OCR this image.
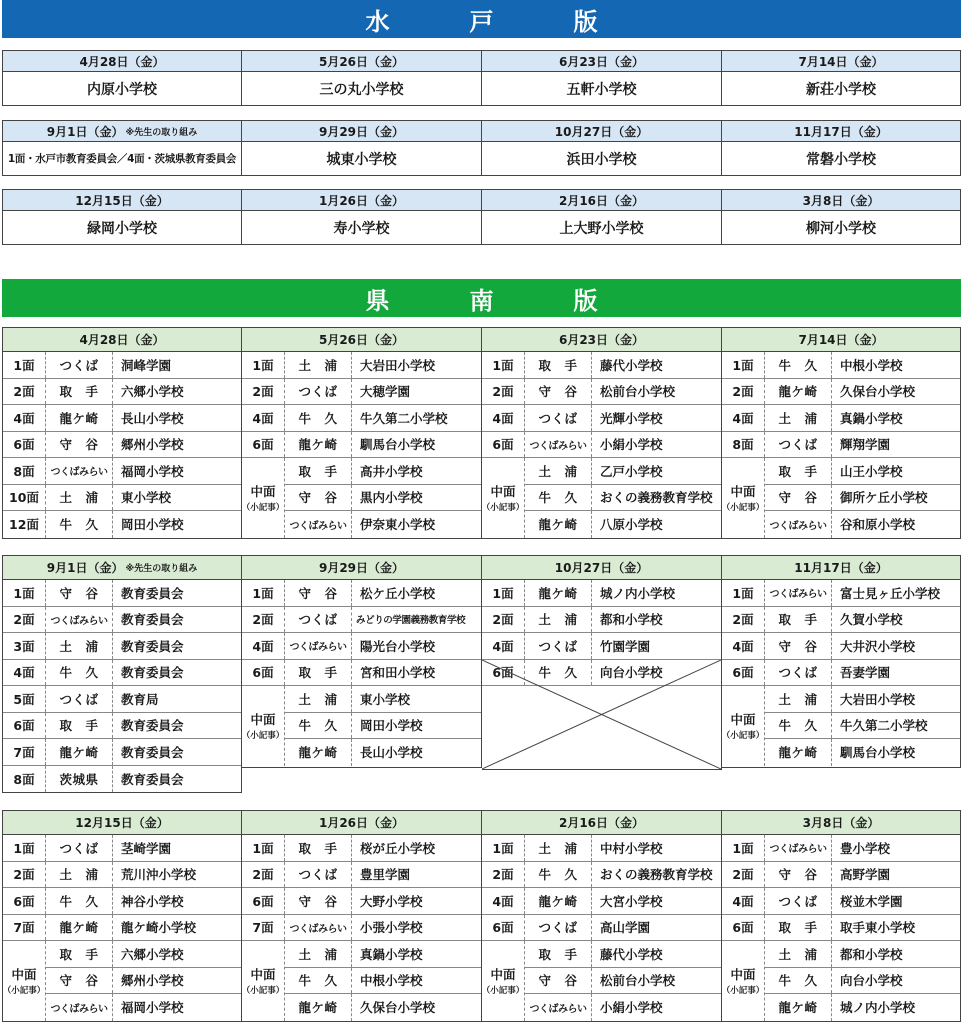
水　戸　版
4月28日（金）
内原小学校
5月26日（金）
三の丸小学校
6月23日（金）
五軒小学校
7月14日（金）
新荘小学校
9月1日（金） ※先生の取り組み
1面・水戸市教育委員会／4面・茨城県教育委員会
9月29日（金）
城東小学校
10月27日（金）
浜田小学校
11月17日（金）
常磐小学校
12月15日（金）
緑岡小学校
1月26日（金）
寿小学校
2月16日（金）
上大野小学校
3月8日（金）
柳河小学校
県　南　版
4月28日（金）
1面	つくば	洞峰学園
2面	取　手	六郷小学校
4面	龍ケ崎	長山小学校
6面	守　谷	郷州小学校
8面	つくばみらい	福岡小学校
10面	土　浦	東小学校
12面	牛　久	岡田小学校
5月26日（金）
1面	土　浦	大岩田小学校
2面	つくば	大穂学園
4面	牛　久	牛久第二小学校
6面	龍ケ崎	馴馬台小学校
中面
（小記事）
取　手	高井小学校
守　谷	黒内小学校
つくばみらい	伊奈東小学校
6月23日（金）
1面	取　手	藤代小学校
2面	守　谷	松前台小学校
4面	つくば	光輝小学校
6面	つくばみらい	小絹小学校
中面
（小記事）
土　浦	乙戸小学校
牛　久	おくの義務教育学校
龍ケ崎	八原小学校
7月14日（金）
1面	牛　久	中根小学校
2面	龍ケ崎	久保台小学校
4面	土　浦	真鍋小学校
8面	つくば	輝翔学園
中面
（小記事）
取　手	山王小学校
守　谷	御所ケ丘小学校
つくばみらい	谷和原小学校
9月1日（金） ※先生の取り組み
1面	守　谷	教育委員会
2面	つくばみらい	教育委員会
3面	土　浦	教育委員会
4面	牛　久	教育委員会
5面	つくば	教育局
6面	取　手	教育委員会
7面	龍ケ崎	教育委員会
8面	茨城県	教育委員会
9月29日（金）
1面	守　谷	松ケ丘小学校
2面	つくば	みどりの学園義務教育学校
4面	つくばみらい	陽光台小学校
6面	取　手	宮和田小学校
中面
（小記事）
土　浦	東小学校
牛　久	岡田小学校
龍ケ崎	長山小学校
10月27日（金）
1面	龍ケ崎	城ノ内小学校
2面	土　浦	都和小学校
4面	つくば	竹園学園
6面	牛　久	向台小学校
11月17日（金）
1面	つくばみらい	富士見ヶ丘小学校
2面	取　手	久賀小学校
4面	守　谷	大井沢小学校
6面	つくば	吾妻学園
中面
（小記事）
土　浦	大岩田小学校
牛　久	牛久第二小学校
龍ケ崎	馴馬台小学校
12月15日（金）
1面	つくば	茎崎学園
2面	土　浦	荒川沖小学校
6面	牛　久	神谷小学校
7面	龍ケ崎	龍ケ崎小学校
中面
（小記事）
取　手	六郷小学校
守　谷	郷州小学校
つくばみらい	福岡小学校
1月26日（金）
1面	取　手	桜が丘小学校
2面	つくば	豊里学園
6面	守　谷	大野小学校
7面	つくばみらい	小張小学校
中面
（小記事）
土　浦	真鍋小学校
牛　久	中根小学校
龍ケ崎	久保台小学校
2月16日（金）
1面	土　浦	中村小学校
2面	牛　久	おくの義務教育学校
4面	龍ケ崎	大宮小学校
6面	つくば	高山学園
中面
（小記事）
取　手	藤代小学校
守　谷	松前台小学校
つくばみらい	小絹小学校
3月8日（金）
1面	つくばみらい	豊小学校
2面	守　谷	高野学園
4面	つくば	桜並木学園
6面	取　手	取手東小学校
中面
（小記事）
土　浦	都和小学校
牛　久	向台小学校
龍ケ崎	城ノ内小学校
